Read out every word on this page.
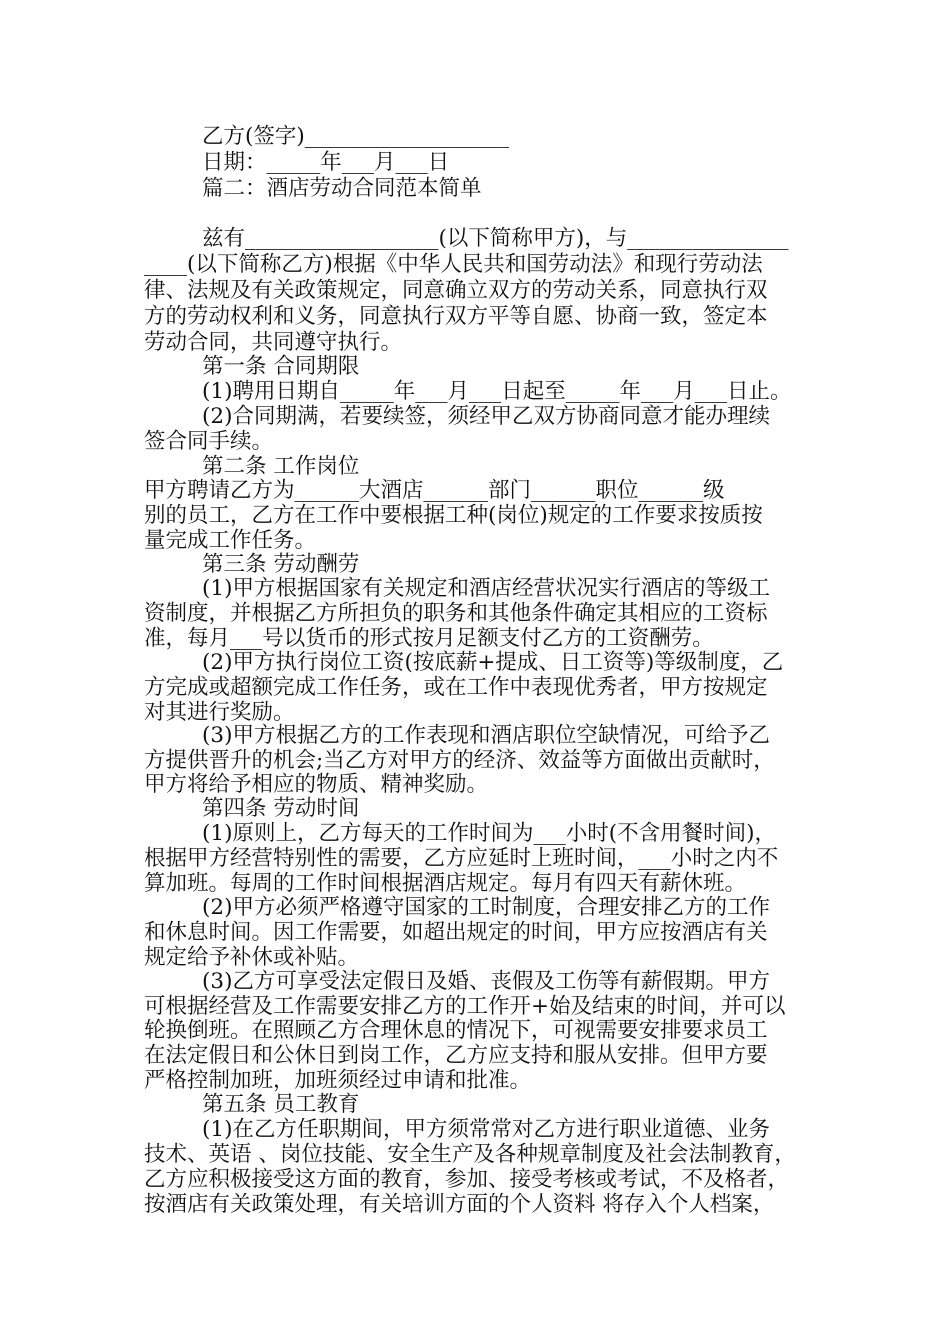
乙方(签字)___________________
日期：_____年___月___日
篇二：酒店劳动合同范本简单
兹有__________________(以下简称甲方)，与_______________
____(以下简称乙方)根据《中华人民共和国劳动法》和现行劳动法
律、法规及有关政策规定，同意确立双方的劳动关系，同意执行双
方的劳动权利和义务，同意执行双方平等自愿、协商一致，签定本
劳动合同，共同遵守执行。
第一条 合同期限
(1)聘用日期自_____年___月___日起至_____年___月___日止。
(2)合同期满，若要续签，须经甲乙双方协商同意才能办理续
签合同手续。
第二条 工作岗位
甲方聘请乙方为______大酒店______部门______职位______级
别的员工，乙方在工作中要根据工种(岗位)规定的工作要求按质按
量完成工作任务。
第三条 劳动酬劳
(1)甲方根据国家有关规定和酒店经营状况实行酒店的等级工
资制度，并根据乙方所担负的职务和其他条件确定其相应的工资标
准，每月___号以货币的形式按月足额支付乙方的工资酬劳。
(2)甲方执行岗位工资(按底薪+提成、日工资等)等级制度，乙
方完成或超额完成工作任务，或在工作中表现优秀者，甲方按规定
对其进行奖励。
(3)甲方根据乙方的工作表现和酒店职位空缺情况，可给予乙
方提供晋升的机会;当乙方对甲方的经济、效益等方面做出贡献时，
甲方将给予相应的物质、精神奖励。
第四条 劳动时间
(1)原则上，乙方每天的工作时间为___小时(不含用餐时间)，
根据甲方经营特别性的需要，乙方应延时上班时间，___小时之内不
算加班。每周的工作时间根据酒店规定。每月有四天有薪休班。
(2)甲方必须严格遵守国家的工时制度，合理安排乙方的工作
和休息时间。因工作需要，如超出规定的时间，甲方应按酒店有关
规定给予补休或补贴。
(3)乙方可享受法定假日及婚、丧假及工伤等有薪假期。甲方
可根据经营及工作需要安排乙方的工作开+始及结束的时间，并可以
轮换倒班。在照顾乙方合理休息的情况下，可视需要安排要求员工
在法定假日和公休日到岗工作，乙方应支持和服从安排。但甲方要
严格控制加班，加班须经过申请和批准。
第五条 员工教育
(1)在乙方任职期间，甲方须常常对乙方进行职业道德、业务
技术、英语 、岗位技能、安全生产及各种规章制度及社会法制教育，
乙方应积极接受这方面的教育，参加、接受考核或考试，不及格者，
按酒店有关政策处理，有关培训方面的个人资料 将存入个人档案，
